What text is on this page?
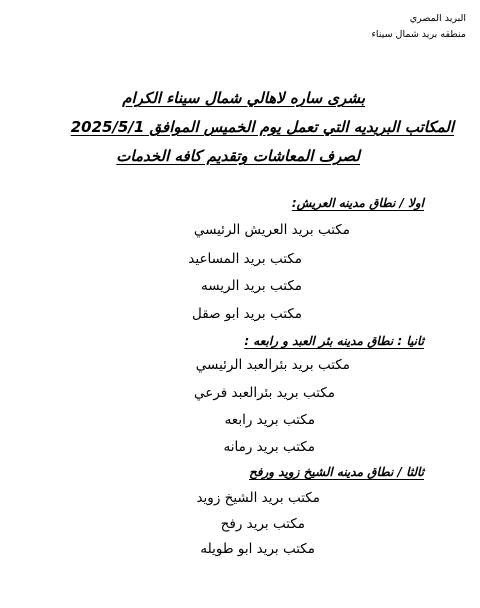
البريد المصري
منطقه بريد شمال سيناء
بشرى ساره لاهالي شمال سيناء الكرام
المكاتب البريديه التي تعمل يوم الخميس الموافق 2025/5/1
لصرف المعاشات وتقديم كافه الخدمات
اولا / نطاق مدينه العريش:
مكتب بريد العريش الرئيسي
مكتب بريد المساعيد
مكتب بريد الريسه
مكتب بريد ابو صقل
ثانيا : نطاق مدينه بئر العبد و رابعه :
مكتب بريد بئرالعبد الرئيسي
مكتب بريد بئرالعبد فرعي
مكتب بريد رابعه
مكتب بريد رمانه
ثالثا / نطاق مدينه الشيخ زويد ورفح
مكتب بريد الشيخ زويد
مكتب بريد رفح
مكتب بريد ابو طويله
